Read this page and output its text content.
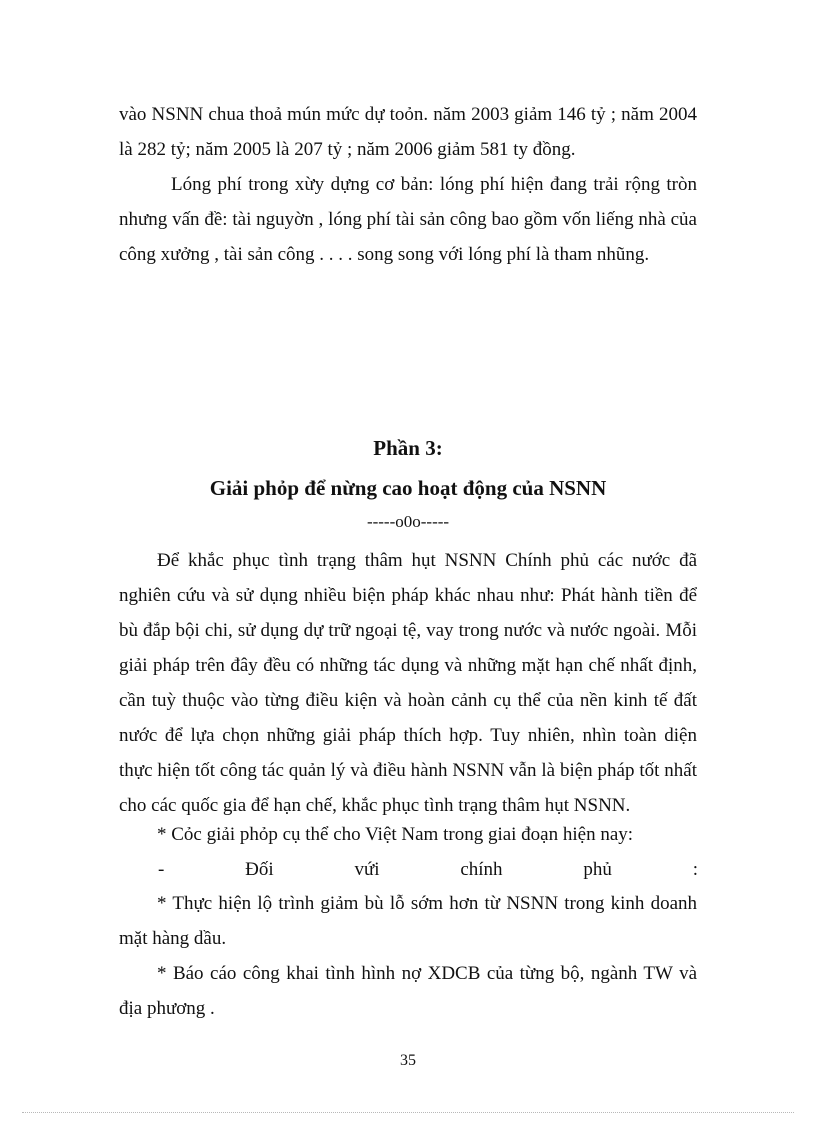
vào NSNN chua thoả mún mức dự toỏn. năm 2003 giảm 146 tỷ ; năm 2004 là 282 tỷ; năm 2005 là 207 tỷ ; năm 2006 giảm 581 ty đồng.

Lóng phí trong xừy dựng cơ bản: lóng phí hiện đang trải rộng tròn nhưng vấn đề: tài nguyờn , lóng phí tài sản công bao gồm vốn liếng nhà của công xưởng , tài sản công . . . . song song với lóng phí là tham nhũng.

Phần 3:
Giải phỏp để nừng cao hoạt động của NSNN
-----o0o-----

Để khắc phục tình trạng thâm hụt NSNN Chính phủ các nước đã nghiên cứu và sử dụng nhiều biện pháp khác nhau như: Phát hành tiền để bù đắp bội chi, sử dụng dự trữ ngoại tệ, vay trong nước và nước ngoài. Mỗi giải pháp trên đây đều có những tác dụng và những mặt hạn chế nhất định, cần tuỳ thuộc vào từng điều kiện và hoàn cảnh cụ thể của nền kinh tế đất nước để lựa chọn những giải pháp thích hợp. Tuy nhiên, nhìn toàn diện thực hiện tốt công tác quản lý và điều hành NSNN vẫn là biện pháp tốt nhất cho các quốc gia để hạn chế, khắc phục tình trạng thâm hụt NSNN.

* Cỏc giải phỏp cụ thể cho Việt Nam trong giai đoạn hiện nay:

-	Đối	vứi	chính	phủ	:

* Thực hiện lộ trình giảm bù lỗ sớm hơn từ NSNN trong kinh doanh mặt hàng dầu.

* Báo cáo công khai tình hình nợ XDCB của từng bộ, ngành TW và địa phương .

35
